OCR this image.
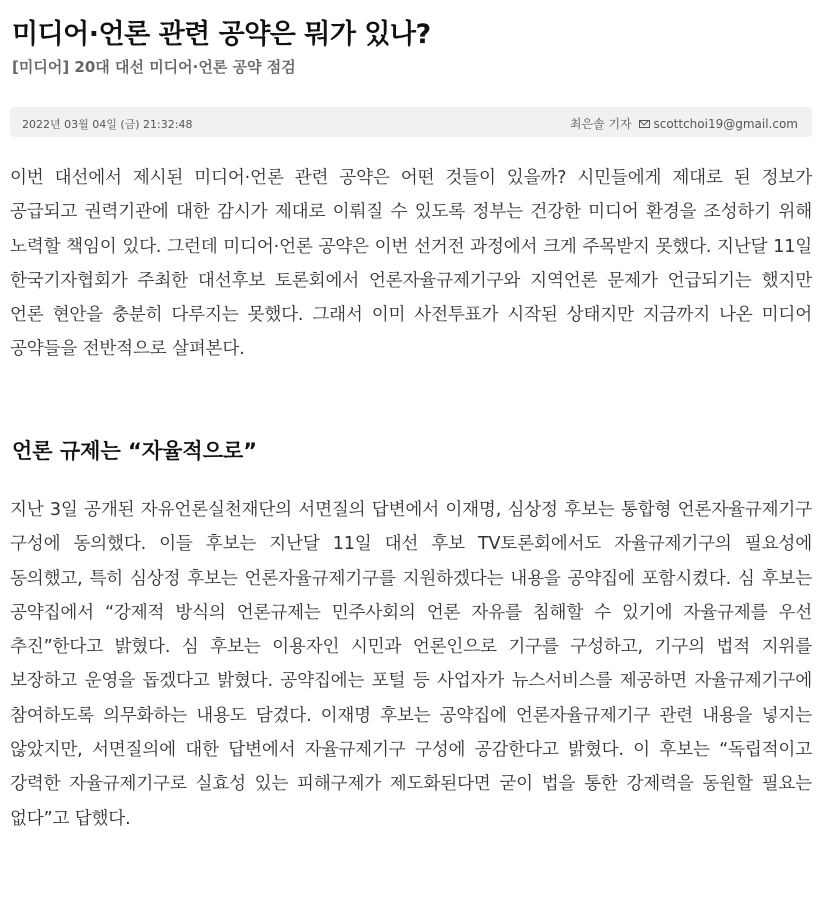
미디어·언론 관련 공약은 뭐가 있나?
[미디어] 20대 대선 미디어·언론 공약 점검
2022년 03월 04일 (금) 21:32:48	최은솔 기자 scottchoi19@gmail.com

이번 대선에서 제시된 미디어·언론 관련 공약은 어떤 것들이 있을까? 시민들에게 제대로 된 정보가 공급되고 권력기관에 대한 감시가 제대로 이뤄질 수 있도록 정부는 건강한 미디어 환경을 조성하기 위해 노력할 책임이 있다. 그런데 미디어·언론 공약은 이번 선거전 과정에서 크게 주목받지 못했다. 지난달 11일 한국기자협회가 주최한 대선후보 토론회에서 언론자율규제기구와 지역언론 문제가 언급되기는 했지만 언론 현안을 충분히 다루지는 못했다. 그래서 이미 사전투표가 시작된 상태지만 지금까지 나온 미디어 공약들을 전반적으로 살펴본다.

언론 규제는 “자율적으로”

지난 3일 공개된 자유언론실천재단의 서면질의 답변에서 이재명, 심상정 후보는 통합형 언론자율규제기구 구성에 동의했다. 이들 후보는 지난달 11일 대선 후보 TV토론회에서도 자율규제기구의 필요성에 동의했고, 특히 심상정 후보는 언론자율규제기구를 지원하겠다는 내용을 공약집에 포함시켰다. 심 후보는 공약집에서 “강제적 방식의 언론규제는 민주사회의 언론 자유를 침해할 수 있기에 자율규제를 우선 추진”한다고 밝혔다. 심 후보는 이용자인 시민과 언론인으로 기구를 구성하고, 기구의 법적 지위를 보장하고 운영을 돕겠다고 밝혔다. 공약집에는 포털 등 사업자가 뉴스서비스를 제공하면 자율규제기구에 참여하도록 의무화하는 내용도 담겼다. 이재명 후보는 공약집에 언론자율규제기구 관련 내용을 넣지는 않았지만, 서면질의에 대한 답변에서 자율규제기구 구성에 공감한다고 밝혔다. 이 후보는 “독립적이고 강력한 자율규제기구로 실효성 있는 피해구제가 제도화된다면 굳이 법을 통한 강제력을 동원할 필요는 없다”고 답했다.
